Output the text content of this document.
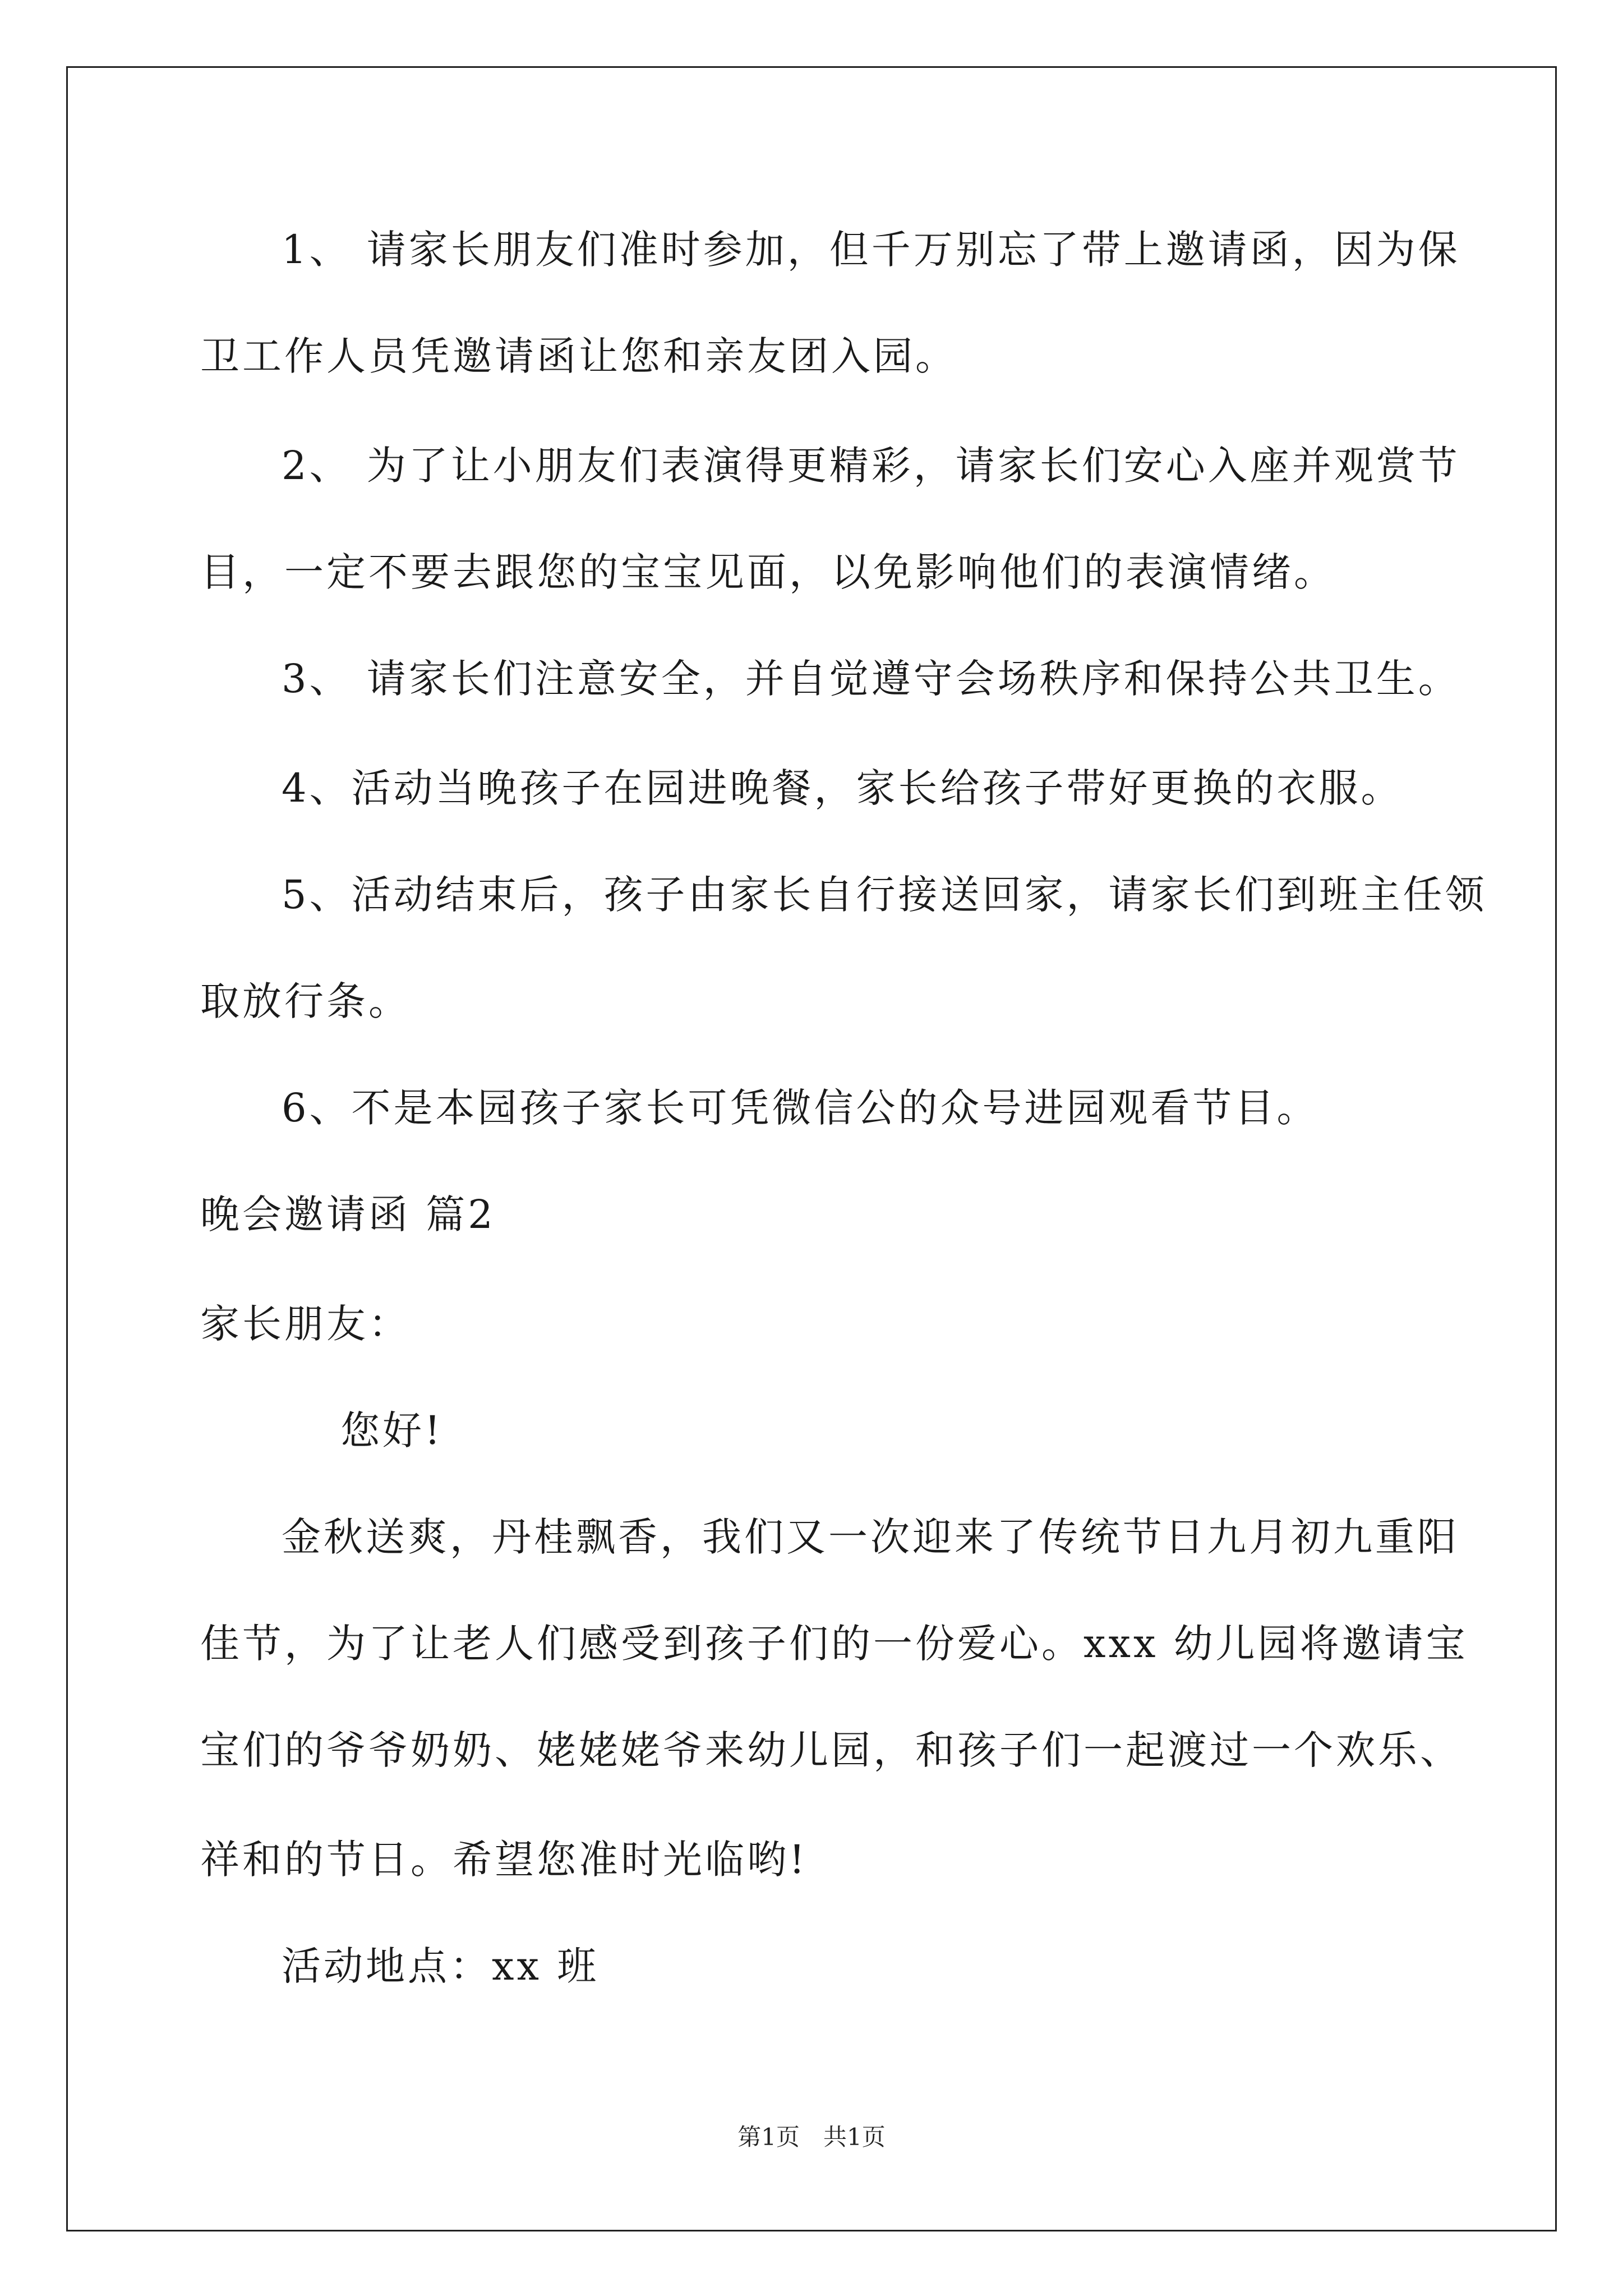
1、 请家长朋友们准时参加，但千万别忘了带上邀请函，因为保
卫工作人员凭邀请函让您和亲友团入园。
2、 为了让小朋友们表演得更精彩，请家长们安心入座并观赏节
目，一定不要去跟您的宝宝见面，以免影响他们的表演情绪。
3、 请家长们注意安全，并自觉遵守会场秩序和保持公共卫生。
4、活动当晚孩子在园进晚餐，家长给孩子带好更换的衣服。
5、活动结束后，孩子由家长自行接送回家，请家长们到班主任领
取放行条。
6、不是本园孩子家长可凭微信公的众号进园观看节目。
晚会邀请函 篇2
家长朋友：
您好!
金秋送爽，丹桂飘香，我们又一次迎来了传统节日九月初九重阳
佳节，为了让老人们感受到孩子们的一份爱心。xxx 幼儿园将邀请宝
宝们的爷爷奶奶、姥姥姥爷来幼儿园，和孩子们一起渡过一个欢乐、
祥和的节日。希望您准时光临哟!
活动地点：xx 班
第1页　共1页
